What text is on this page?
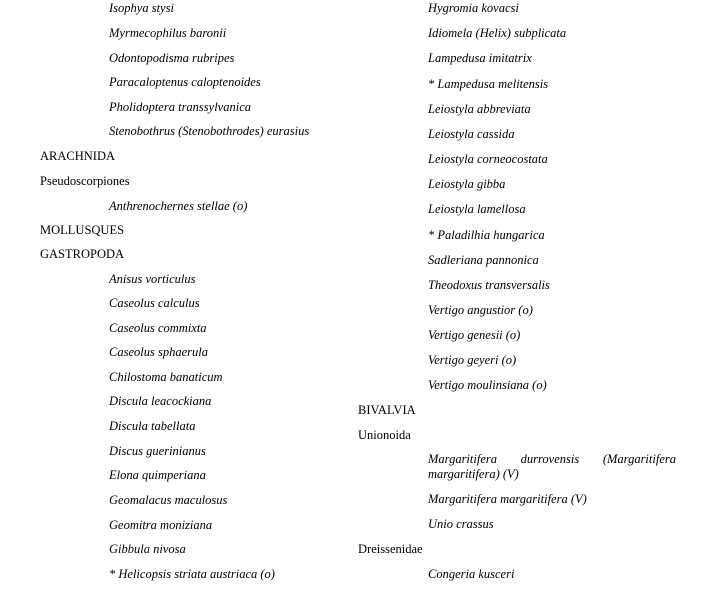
Isophya stysi
Myrmecophilus baronii
Odontopodisma rubripes
Paracaloptenus caloptenoides
Pholidoptera transsylvanica
Stenobothrus (Stenobothrodes) eurasius
ARACHNIDA
Pseudoscorpiones
Anthrenochernes stellae (o)
MOLLUSQUES
GASTROPODA
Anisus vorticulus
Caseolus calculus
Caseolus commixta
Caseolus sphaerula
Chilostoma banaticum
Discula leacockiana
Discula tabellata
Discus guerinianus
Elona quimperiana
Geomalacus maculosus
Geomitra moniziana
Gibbula nivosa
* Helicopsis striata austriaca (o)
Hygromia kovacsi
Idiomela (Helix) subplicata
Lampedusa imitatrix
* Lampedusa melitensis
Leiostyla abbreviata
Leiostyla cassida
Leiostyla corneocostata
Leiostyla gibba
Leiostyla lamellosa
* Paladilhia hungarica
Sadleriana pannonica
Theodoxus transversalis
Vertigo angustior (o)
Vertigo genesii (o)
Vertigo geyeri (o)
Vertigo moulinsiana (o)
BIVALVIA
Unionoida
Margaritifera durrovensis (Margaritifera
margaritifera) (V)
Margaritifera margaritifera (V)
Unio crassus
Dreissenidae
Congeria kusceri
